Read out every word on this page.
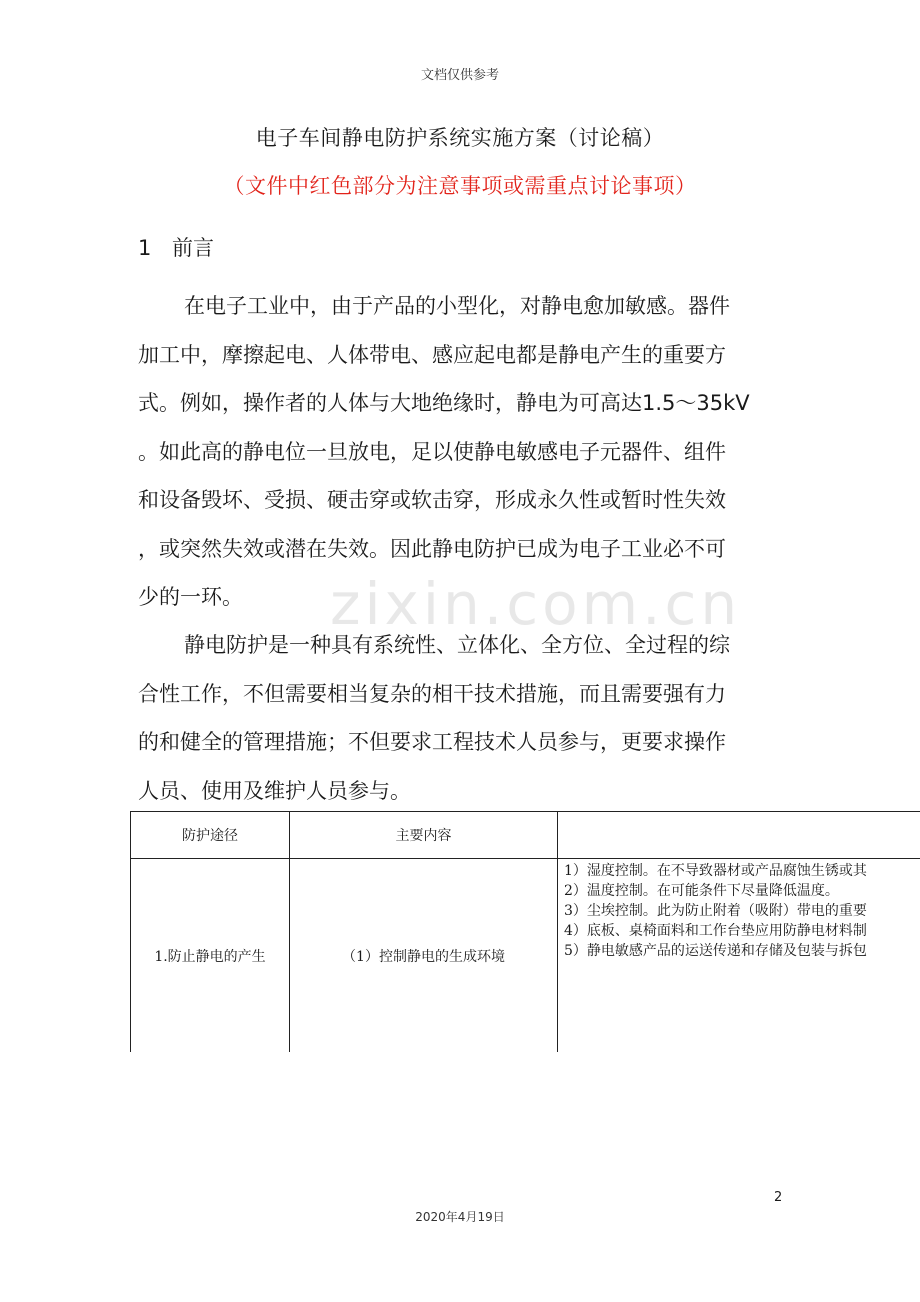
文档仅供参考
电子车间静电防护系统实施方案（讨论稿）
（文件中红色部分为注意事项或需重点讨论事项）
1 前言
zixin.com.cn
在电子工业中，由于产品的小型化，对静电愈加敏感。器件
加工中，摩擦起电、人体带电、感应起电都是静电产生的重要方
式。例如，操作者的人体与大地绝缘时，静电为可高达1.5～35kV
。如此高的静电位一旦放电，足以使静电敏感电子元器件、组件
和设备毁坏、受损、硬击穿或软击穿，形成永久性或暂时性失效
，或突然失效或潜在失效。因此静电防护已成为电子工业必不可
少的一环。
静电防护是一种具有系统性、立体化、全方位、全过程的综
合性工作，不但需要相当复杂的相干技术措施，而且需要强有力
的和健全的管理措施；不但要求工程技术人员参与，更要求操作
人员、使用及维护人员参与。
防护途径	主要内容	
1.防止静电的产生	（1）控制静电的生成环境	1）湿度控制。在不导致器材或产品腐蚀生锈或其
2）温度控制。在可能条件下尽量降低温度。
3）尘埃控制。此为防止附着（吸附）带电的重要
4）底板、桌椅面料和工作台垫应用防静电材料制
5）静电敏感产品的运送传递和存储及包装与拆包
2
2020年4月19日
